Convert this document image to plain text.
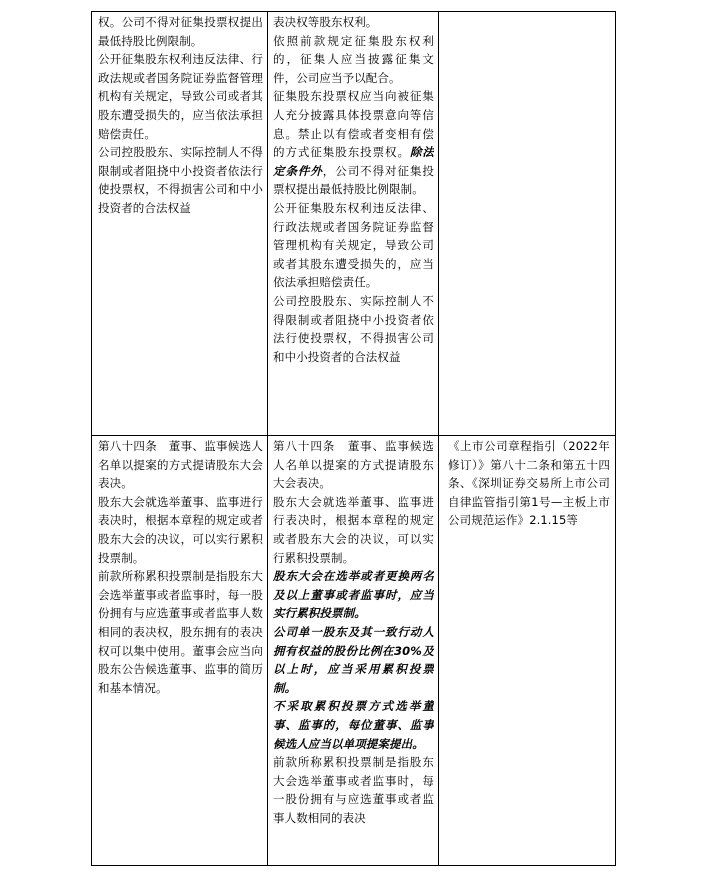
权。公司不得对征集投票权提出最低持股比例限制。

公开征集股东权利违反法律、行政法规或者国务院证券监督管理机构有关规定，导致公司或者其股东遭受损失的，应当依法承担赔偿责任。

公司控股股东、实际控制人不得限制或者阻挠中小投资者依法行使投票权，不得损害公司和中小投资者的合法权益

表决权等股东权利。

依照前款规定征集股东权利的，征集人应当披露征集文件，公司应当予以配合。

征集股东投票权应当向被征集人充分披露具体投票意向等信息。禁止以有偿或者变相有偿的方式征集股东投票权。除法定条件外，公司不得对征集投票权提出最低持股比例限制。

公开征集股东权利违反法律、行政法规或者国务院证券监督管理机构有关规定，导致公司或者其股东遭受损失的，应当依法承担赔偿责任。

公司控股股东、实际控制人不得限制或者阻挠中小投资者依法行使投票权，不得损害公司和中小投资者的合法权益

第八十四条　董事、监事候选人名单以提案的方式提请股东大会表决。

股东大会就选举董事、监事进行表决时，根据本章程的规定或者股东大会的决议，可以实行累积投票制。

前款所称累积投票制是指股东大会选举董事或者监事时，每一股份拥有与应选董事或者监事人数相同的表决权，股东拥有的表决权可以集中使用。董事会应当向股东公告候选董事、监事的简历和基本情况。

第八十四条　董事、监事候选人名单以提案的方式提请股东大会表决。

股东大会就选举董事、监事进行表决时，根据本章程的规定或者股东大会的决议，可以实行累积投票制。

股东大会在选举或者更换两名及以上董事或者监事时，应当实行累积投票制。

公司单一股东及其一致行动人拥有权益的股份比例在30%及以上时，应当采用累积投票制。

不采取累积投票方式选举董事、监事的，每位董事、监事候选人应当以单项提案提出。

前款所称累积投票制是指股东大会选举董事或者监事时，每一股份拥有与应选董事或者监事人数相同的表决

《上市公司章程指引（2022年修订）》第八十二条和第五十四条、《深圳证券交易所上市公司自律监管指引第1号—主板上市公司规范运作》2.1.15等
